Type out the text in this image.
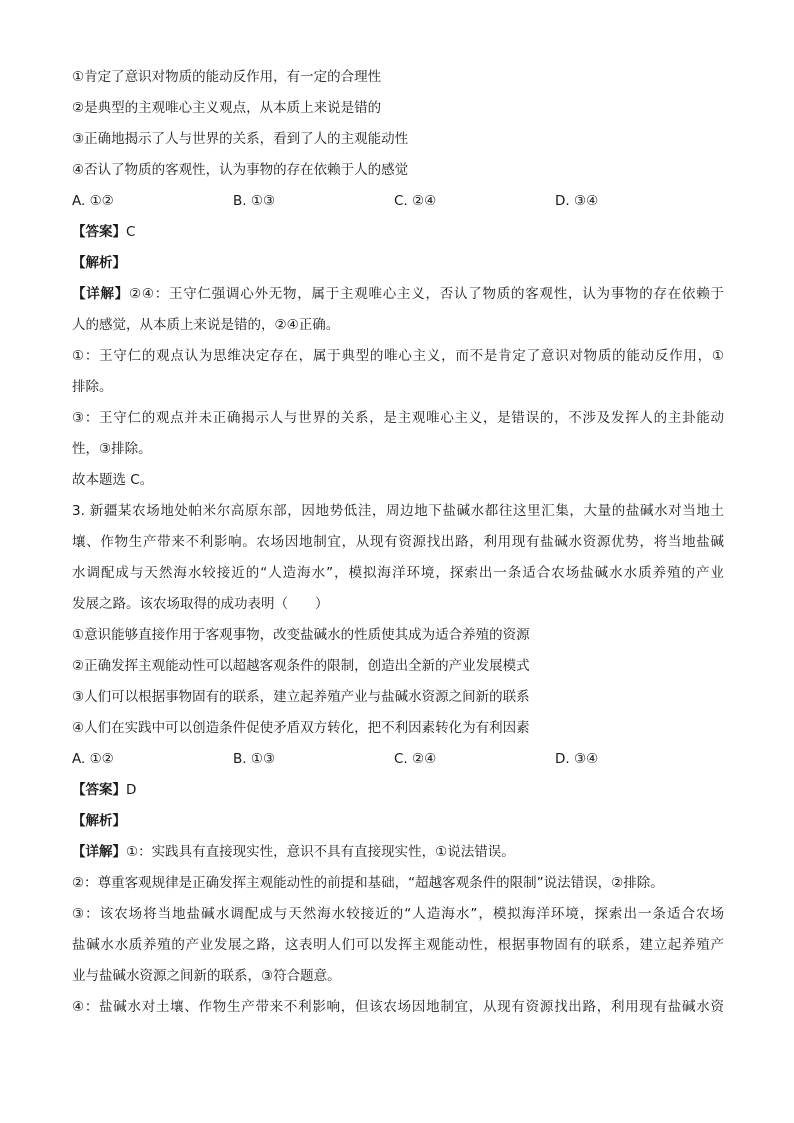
①肯定了意识对物质的能动反作用，有一定的合理性
②是典型的主观唯心主义观点，从本质上来说是错的
③正确地揭示了人与世界的关系，看到了人的主观能动性
④否认了物质的客观性，认为事物的存在依赖于人的感觉
A. ①②	B. ①③	C. ②④	D. ③④
【答案】C
【解析】
【详解】②④：王守仁强调心外无物，属于主观唯心主义，否认了物质的客观性，认为事物的存在依赖于
人的感觉，从本质上来说是错的，②④正确。
①：王守仁的观点认为思维决定存在，属于典型的唯心主义，而不是肯定了意识对物质的能动反作用，①
排除。
③：王守仁的观点并未正确揭示人与世界的关系，是主观唯心主义，是错误的，不涉及发挥人的主卦能动
性，③排除。
故本题选 C。
3. 新疆某农场地处帕米尔高原东部，因地势低洼，周边地下盐碱水都往这里汇集，大量的盐碱水对当地土
壤、作物生产带来不利影响。农场因地制宜，从现有资源找出路，利用现有盐碱水资源优势，将当地盐碱
水调配成与天然海水较接近的“人造海水”，模拟海洋环境，探索出一条适合农场盐碱水水质养殖的产业
发展之路。该农场取得的成功表明（　　）
①意识能够直接作用于客观事物，改变盐碱水的性质使其成为适合养殖的资源
②正确发挥主观能动性可以超越客观条件的限制，创造出全新的产业发展模式
③人们可以根据事物固有的联系，建立起养殖产业与盐碱水资源之间新的联系
④人们在实践中可以创造条件促使矛盾双方转化，把不利因素转化为有利因素
A. ①②	B. ①③	C. ②④	D. ③④
【答案】D
【解析】
【详解】①：实践具有直接现实性，意识不具有直接现实性，①说法错误。
②：尊重客观规律是正确发挥主观能动性的前提和基础，“超越客观条件的限制”说法错误，②排除。
③：该农场将当地盐碱水调配成与天然海水较接近的“人造海水”，模拟海洋环境，探索出一条适合农场
盐碱水水质养殖的产业发展之路，这表明人们可以发挥主观能动性，根据事物固有的联系，建立起养殖产
业与盐碱水资源之间新的联系，③符合题意。
④：盐碱水对土壤、作物生产带来不利影响，但该农场因地制宜，从现有资源找出路，利用现有盐碱水资
